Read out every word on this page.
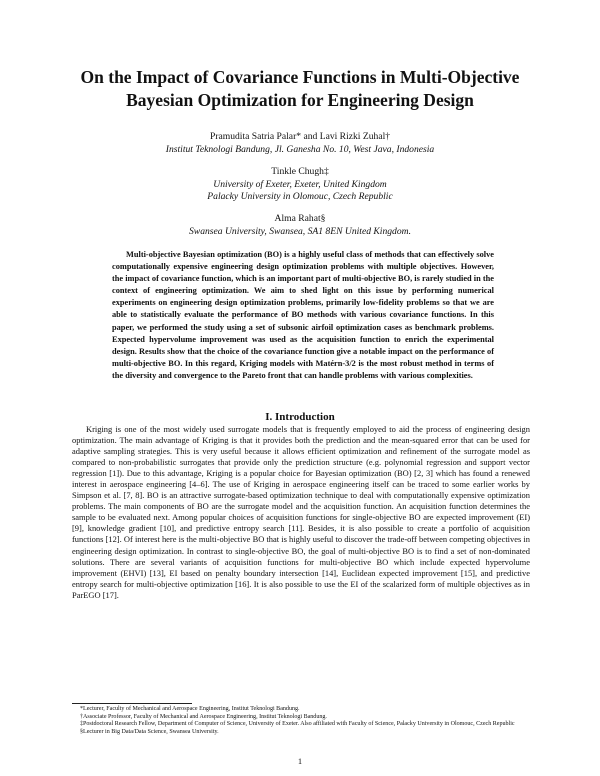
On the Impact of Covariance Functions in Multi-Objective
Bayesian Optimization for Engineering Design
Pramudita Satria Palar* and Lavi Rizki Zuhal†
Institut Teknologi Bandung, Jl. Ganesha No. 10, West Java, Indonesia
Tinkle Chugh‡
University of Exeter, Exeter, United Kingdom
Palacky University in Olomouc, Czech Republic
Alma Rahat§
Swansea University, Swansea, SA1 8EN United Kingdom.

Multi-objective Bayesian optimization (BO) is a highly useful class of methods that can effectively solve computationally expensive engineering design optimization problems with multiple objectives. However, the impact of covariance function, which is an important part of multi-objective BO, is rarely studied in the context of engineering optimization. We aim to shed light on this issue by performing numerical experiments on engineering design optimization problems, primarily low-fidelity problems so that we are able to statistically evaluate the performance of BO methods with various covariance functions. In this paper, we performed the study using a set of subsonic airfoil optimization cases as benchmark problems. Expected hypervolume improvement was used as the acquisition function to enrich the experimental design. Results show that the choice of the covariance function give a notable impact on the performance of multi-objective BO. In this regard, Kriging models with Matérn-3/2 is the most robust method in terms of the diversity and convergence to the Pareto front that can handle problems with various complexities.

I. Introduction

Kriging is one of the most widely used surrogate models that is frequently employed to aid the process of engineering design optimization. The main advantage of Kriging is that it provides both the prediction and the mean-squared error that can be used for adaptive sampling strategies. This is very useful because it allows efficient optimization and refinement of the surrogate model as compared to non-probabilistic surrogates that provide only the prediction structure (e.g. polynomial regression and support vector regression [1]). Due to this advantage, Kriging is a popular choice for Bayesian optimization (BO) [2, 3] which has found a renewed interest in aerospace engineering [4–6]. The use of Kriging in aerospace engineering itself can be traced to some earlier works by Simpson et al. [7, 8]. BO is an attractive surrogate-based optimization technique to deal with computationally expensive optimization problems. The main components of BO are the surrogate model and the acquisition function. An acquisition function determines the sample to be evaluated next. Among popular choices of acquisition functions for single-objective BO are expected improvement (EI) [9], knowledge gradient [10], and predictive entropy search [11]. Besides, it is also possible to create a portfolio of acquisition functions [12]. Of interest here is the multi-objective BO that is highly useful to discover the trade-off between competing objectives in engineering design optimization. In contrast to single-objective BO, the goal of multi-objective BO is to find a set of non-dominated solutions. There are several variants of acquisition functions for multi-objective BO which include expected hypervolume improvement (EHVI) [13], EI based on penalty boundary intersection [14], Euclidean expected improvement [15], and predictive entropy search for multi-objective optimization [16]. It is also possible to use the EI of the scalarized form of multiple objectives as in ParEGO [17].

*Lecturer, Faculty of Mechanical and Aerospace Engineering, Institut Teknologi Bandung.
†Associate Professor, Faculty of Mechanical and Aerospace Engineering, Institut Teknologi Bandung.
‡Postdoctoral Research Fellow, Department of Computer of Science, University of Exeter. Also affiliated with Faculty of Science, Palacky University in Olomouc, Czech Republic
§Lecturer in Big Data/Data Science, Swansea University.
1
